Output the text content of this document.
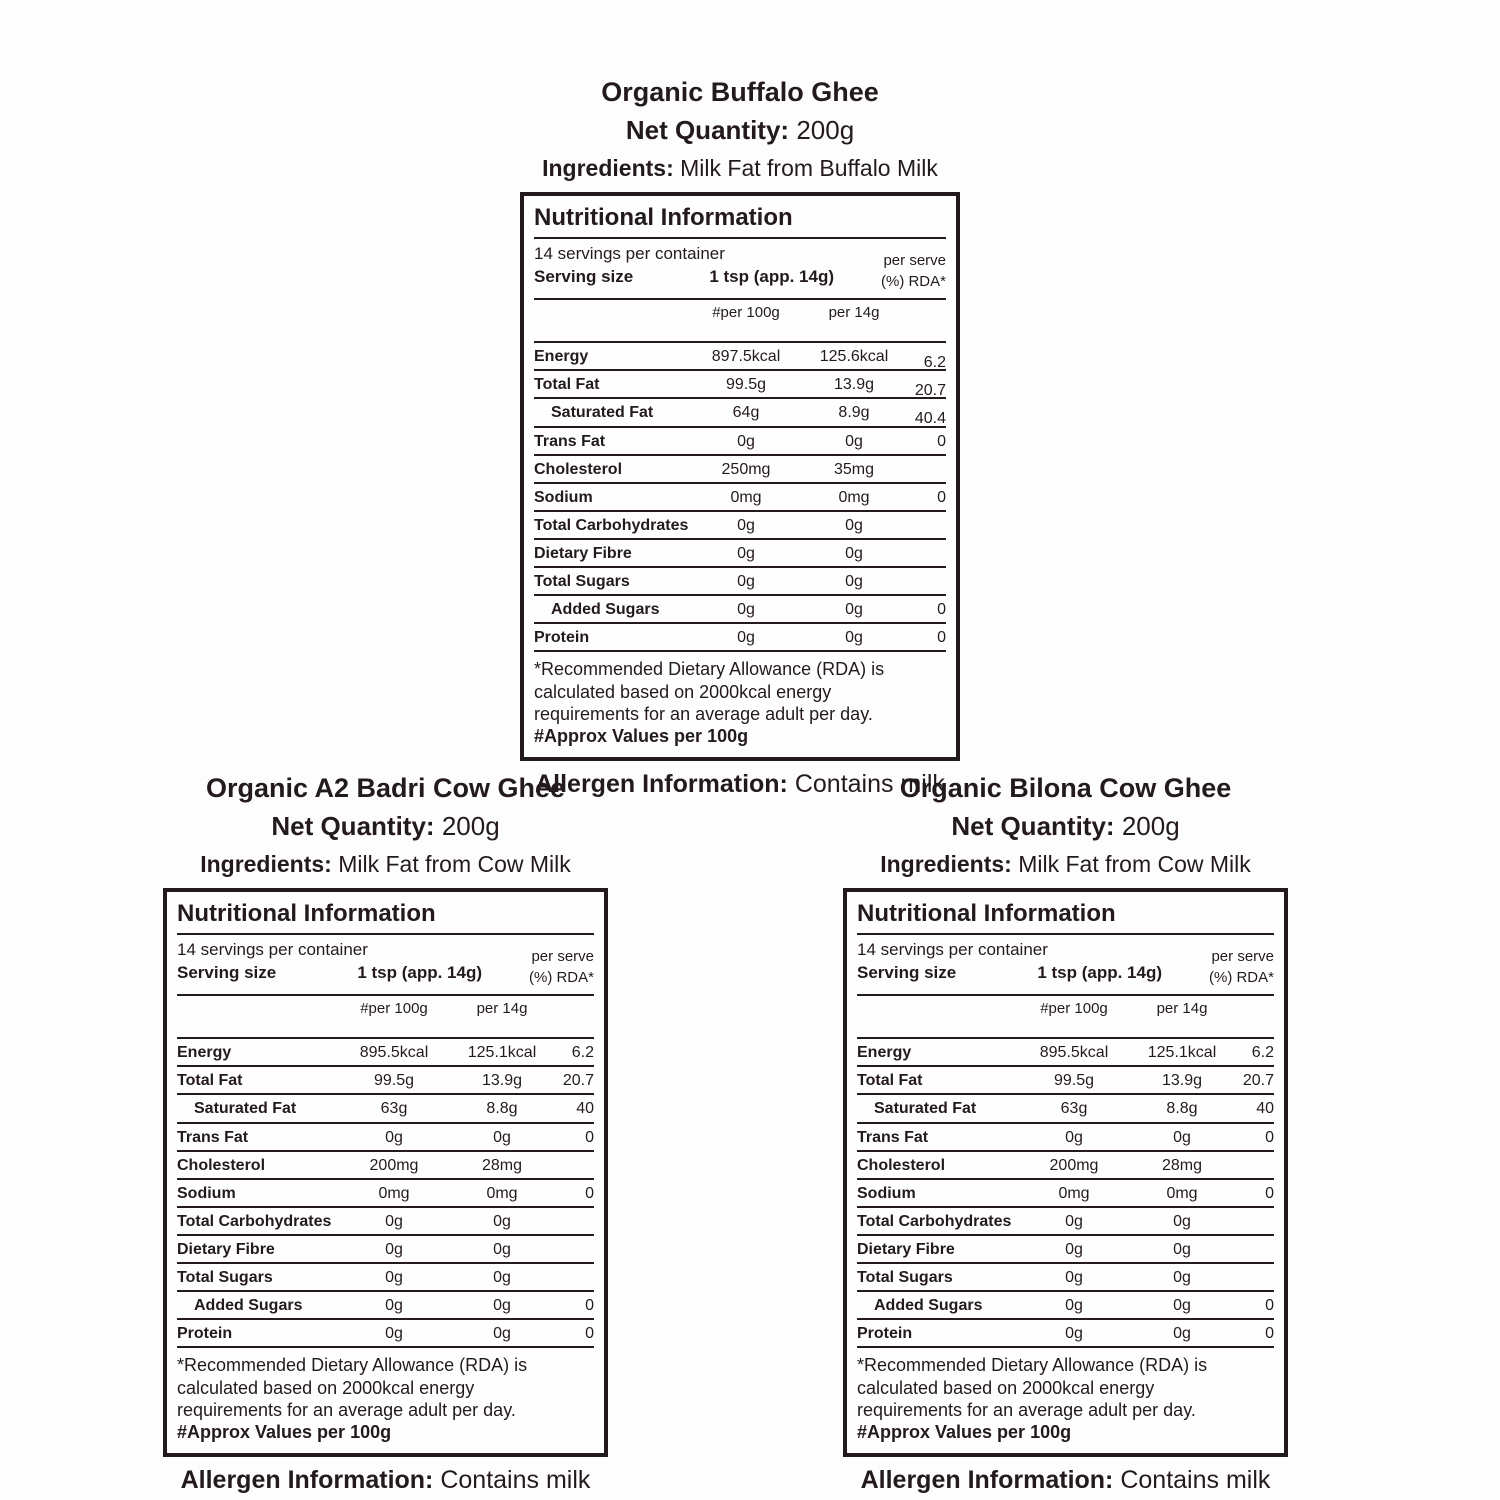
Organic Buffalo Ghee
Net Quantity: 200g
Ingredients: Milk Fat from Buffalo Milk
Nutritional Information
14 servings per container
Serving size	1 tsp (app. 14g)
per serve
(%) RDA*
#per 100g	per 14g
Energy	897.5kcal	125.6kcal	6.2
Total Fat	99.5g	13.9g	20.7
Saturated Fat	64g	8.9g	40.4
Trans Fat	0g	0g	0
Cholesterol	250mg	35mg
Sodium	0mg	0mg	0
Total Carbohydrates	0g	0g
Dietary Fibre	0g	0g
Total Sugars	0g	0g
Added Sugars	0g	0g	0
Protein	0g	0g	0
*Recommended Dietary Allowance (RDA) is
calculated based on 2000kcal energy
requirements for an average adult per day.
#Approx Values per 100g
Allergen Information: Contains milk
Organic A2 Badri Cow Ghee
Net Quantity: 200g
Ingredients: Milk Fat from Cow Milk
Nutritional Information
14 servings per container
Serving size	1 tsp (app. 14g)
per serve
(%) RDA*
#per 100g	per 14g
Energy	895.5kcal	125.1kcal	6.2
Total Fat	99.5g	13.9g	20.7
Saturated Fat	63g	8.8g	40
Trans Fat	0g	0g	0
Cholesterol	200mg	28mg
Sodium	0mg	0mg	0
Total Carbohydrates	0g	0g
Dietary Fibre	0g	0g
Total Sugars	0g	0g
Added Sugars	0g	0g	0
Protein	0g	0g	0
*Recommended Dietary Allowance (RDA) is
calculated based on 2000kcal energy
requirements for an average adult per day.
#Approx Values per 100g
Allergen Information: Contains milk
Organic Bilona Cow Ghee
Net Quantity: 200g
Ingredients: Milk Fat from Cow Milk
Nutritional Information
14 servings per container
Serving size	1 tsp (app. 14g)
per serve
(%) RDA*
#per 100g	per 14g
Energy	895.5kcal	125.1kcal	6.2
Total Fat	99.5g	13.9g	20.7
Saturated Fat	63g	8.8g	40
Trans Fat	0g	0g	0
Cholesterol	200mg	28mg
Sodium	0mg	0mg	0
Total Carbohydrates	0g	0g
Dietary Fibre	0g	0g
Total Sugars	0g	0g
Added Sugars	0g	0g	0
Protein	0g	0g	0
*Recommended Dietary Allowance (RDA) is
calculated based on 2000kcal energy
requirements for an average adult per day.
#Approx Values per 100g
Allergen Information: Contains milk
